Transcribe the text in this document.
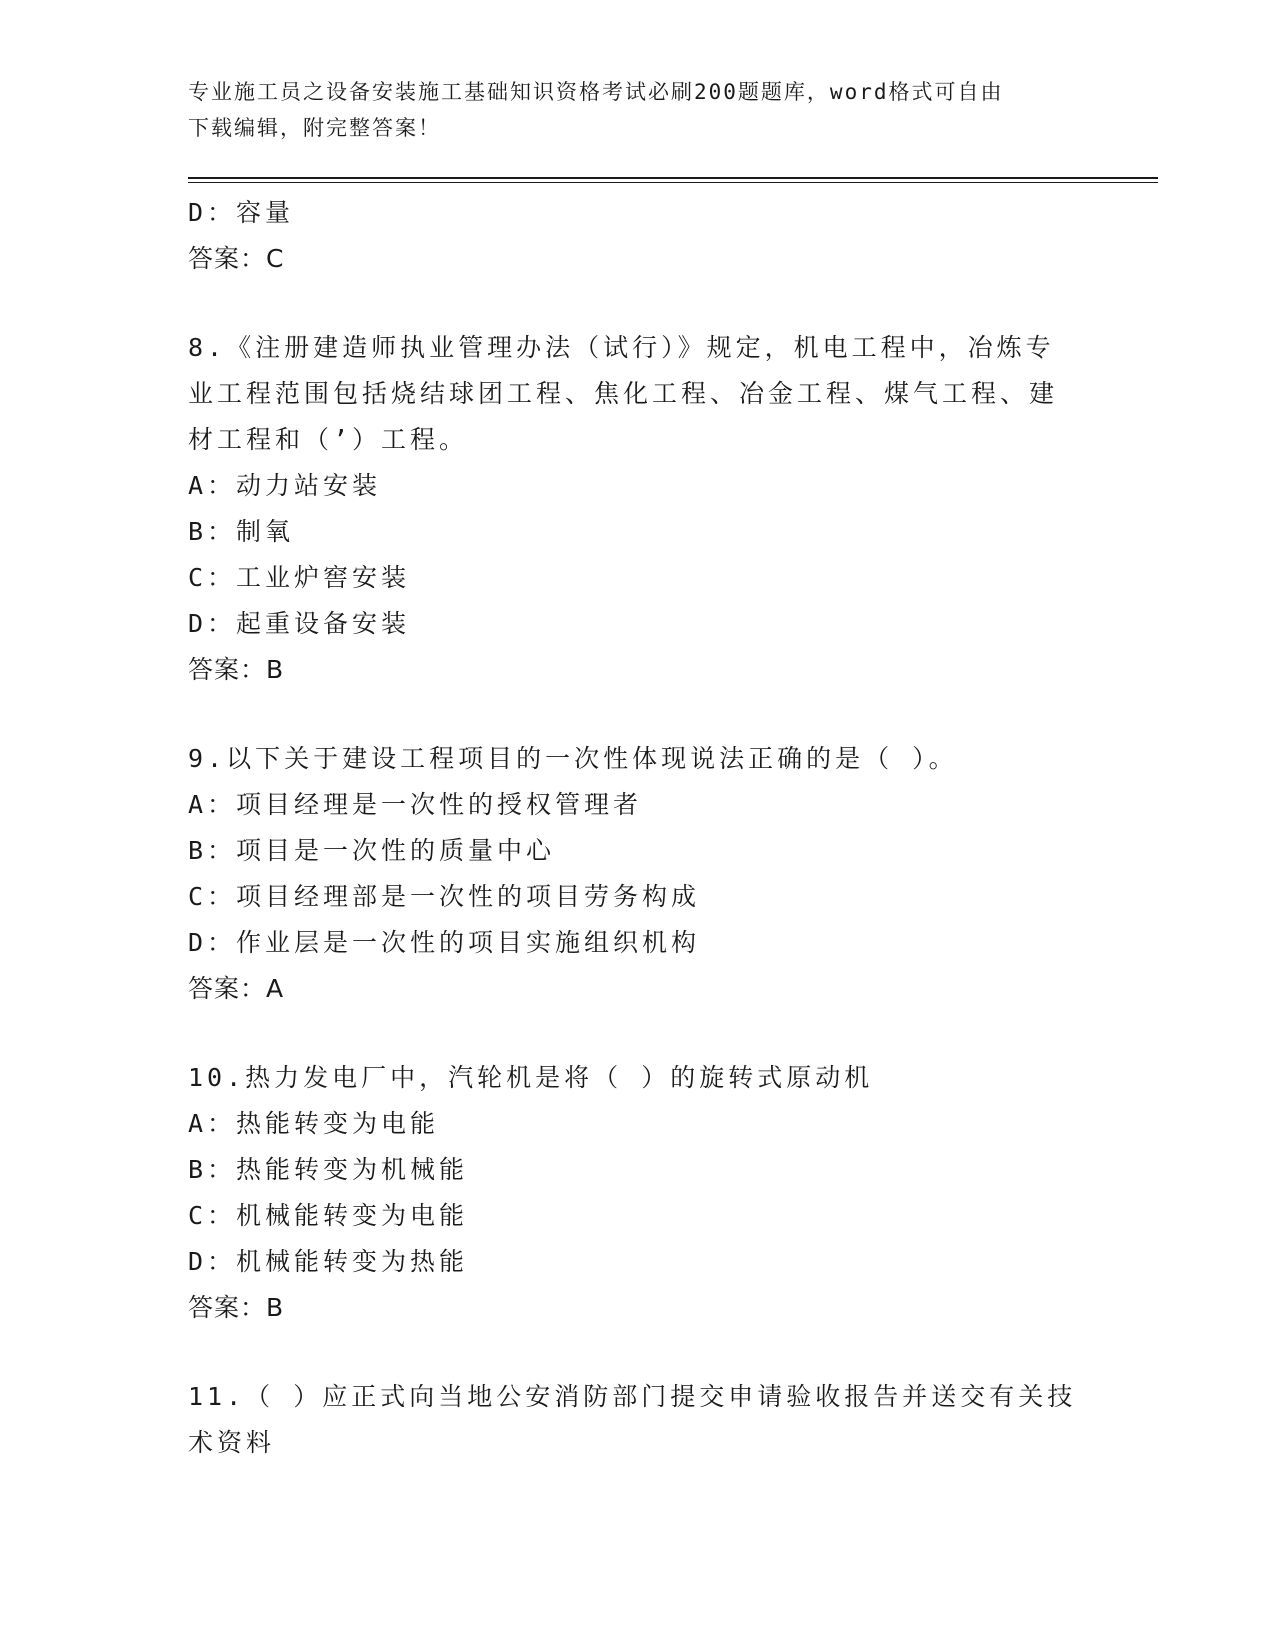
专业施工员之设备安装施工基础知识资格考试必刷200题题库，word格式可自由
下载编辑，附完整答案！
D：容量
答案：C
8.《注册建造师执业管理办法（试行）》规定，机电工程中，冶炼专
业工程范围包括烧结球团工程、焦化工程、冶金工程、煤气工程、建
材工程和（’）工程。
A：动力站安装
B：制氧
C：工业炉窖安装
D：起重设备安装
答案：B
9.以下关于建设工程项目的一次性体现说法正确的是（ ）。
A：项目经理是一次性的授权管理者
B：项目是一次性的质量中心
C：项目经理部是一次性的项目劳务构成
D：作业层是一次性的项目实施组织机构
答案：A
10.热力发电厂中，汽轮机是将（ ）的旋转式原动机
A：热能转变为电能
B：热能转变为机械能
C：机械能转变为电能
D：机械能转变为热能
答案：B
11.（ ）应正式向当地公安消防部门提交申请验收报告并送交有关技
术资料
